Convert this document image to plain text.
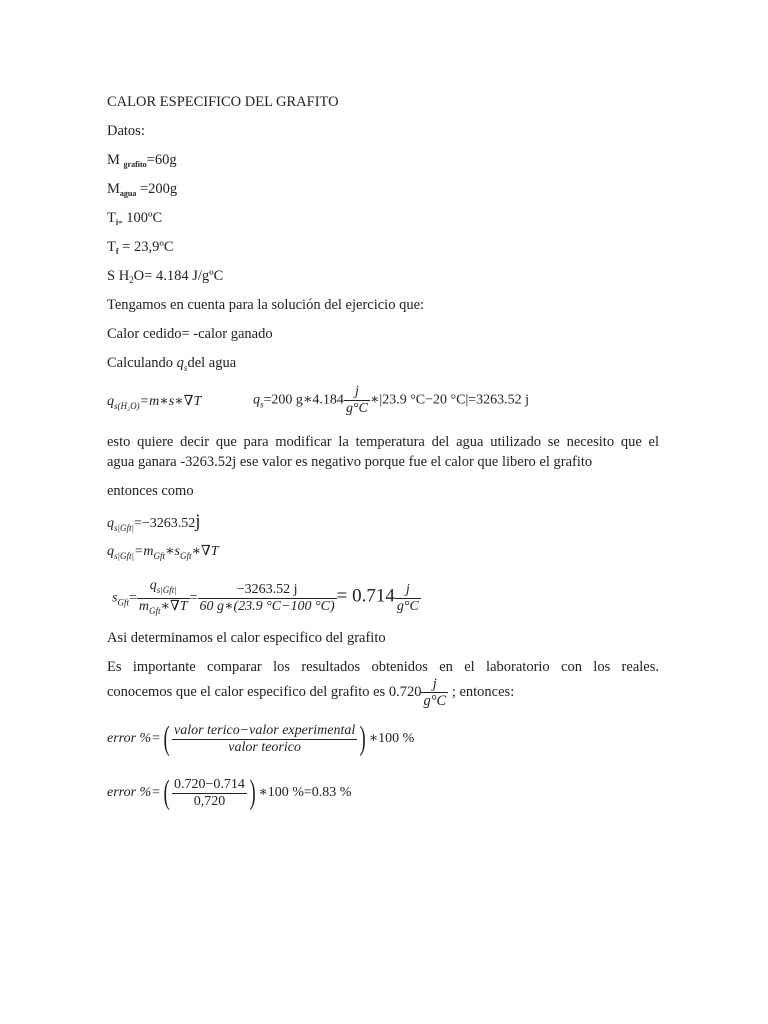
CALOR ESPECIFICO DEL GRAFITO
Datos:
M $_{grafito}$=60g
$M_{agua} =200g$
$T_{i=}$ 100ºC
$T_f$ = 23,9ºC
S $H_2O= 4.184$ J/gºC
Tengamos en cuenta para la solución del ejercicio que:
Calor cedido= -calor ganado
Calculando $q_sdel$ agua
$q_{s(H_2O)}=m∗s∗\nabla T$	$q_s=200$ g∗4.184 $\frac{j}{g^\circ C}$ ∗|23.9 °C−20 °C|=3263.52 j
esto quiere decir que para modificar la temperatura del agua utilizado se necesito que el
agua ganara -3263.52j ese valor es negativo porque fue el calor que libero el grafito
entonces como
$q_{s|Gft|}=-3263.52j$
$q_{s|Gft|}=m_{Gft}∗s_{Gft}∗\nabla T$
$s_{Gft}= \frac{q_{s|Gft|}}{m_{Gft}∗\nabla T} = \frac{-3263.52 j}{60 g∗(23.9 ^\circ C-100 ^\circ C)} = 0.714 \frac{j}{g^\circ C}$
Asi determinamos el calor especifico del grafito
Es importante comparar los resultados obtenidos en el laboratorio con los reales.
conocemos que el calor especifico del grafito es $0.720 \frac{j}{g^\circ C}$ ; entonces:
error %=( $\frac{\text{valor terico−valor experimental}}{\text{valor teorico}}$ ) ∗100 %
error %=( $\frac{0.720-0.714}{0,720}$ ) ∗100 %=0.83 %
